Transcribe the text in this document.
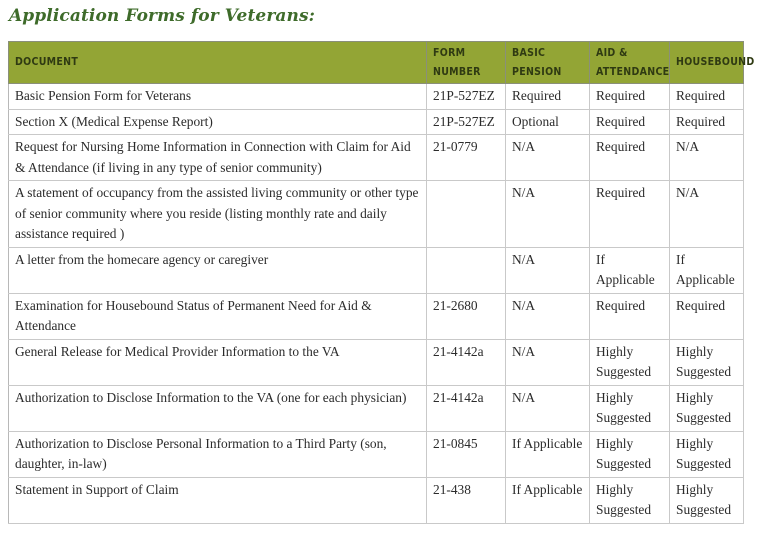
Application Forms for Veterans:
DOCUMENT	FORM NUMBER	BASIC PENSION	AID & ATTENDANCE	HOUSEBOUND
Basic Pension Form for Veterans	21P-527EZ	Required	Required	Required
Section X (Medical Expense Report)	21P-527EZ	Optional	Required	Required
Request for Nursing Home Information in Connection with Claim for Aid & Attendance (if living in any type of senior community)	21-0779	N/A	Required	N/A
A statement of occupancy from the assisted living community or other type of senior community where you reside (listing monthly rate and daily assistance required )		N/A	Required	N/A
A letter from the homecare agency or caregiver		N/A	If Applicable	If Applicable
Examination for Housebound Status of Permanent Need for Aid & Attendance	21-2680	N/A	Required	Required
General Release for Medical Provider Information to the VA	21-4142a	N/A	Highly Suggested	Highly Suggested
Authorization to Disclose Information to the VA (one for each physician)	21-4142a	N/A	Highly Suggested	Highly Suggested
Authorization to Disclose Personal Information to a Third Party (son, daughter, in-law)	21-0845	If Applicable	Highly Suggested	Highly Suggested
Statement in Support of Claim	21-438	If Applicable	Highly Suggested	Highly Suggested
